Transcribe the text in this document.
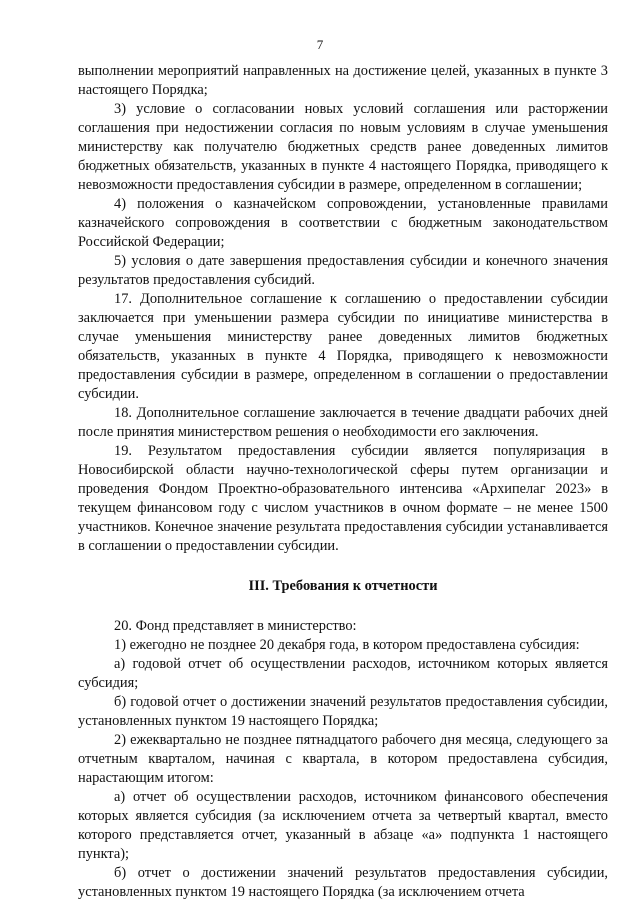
7

выполнении мероприятий направленных на достижение целей, указанных в пункте 3 настоящего Порядка;

3) условие о согласовании новых условий соглашения или расторжении соглашения при недостижении согласия по новым условиям в случае уменьшения министерству как получателю бюджетных средств ранее доведенных лимитов бюджетных обязательств, указанных в пункте 4 настоящего Порядка, приводящего к невозможности предоставления субсидии в размере, определенном в соглашении;

4) положения о казначейском сопровождении, установленные правилами казначейского сопровождения в соответствии с бюджетным законодательством Российской Федерации;

5) условия о дате завершения предоставления субсидии и конечного значения результатов предоставления субсидий.

17. Дополнительное соглашение к соглашению о предоставлении субсидии заключается при уменьшении размера субсидии по инициативе министерства в случае уменьшения министерству ранее доведенных лимитов бюджетных обязательств, указанных в пункте 4 Порядка, приводящего к невозможности предоставления субсидии в размере, определенном в соглашении о предоставлении субсидии.

18. Дополнительное соглашение заключается в течение двадцати рабочих дней после принятия министерством решения о необходимости его заключения.

19. Результатом предоставления субсидии является популяризация в Новосибирской области научно-технологической сферы путем организации и проведения Фондом Проектно-образовательного интенсива «Архипелаг 2023» в текущем финансовом году с числом участников в очном формате – не менее 1500 участников. Конечное значение результата предоставления субсидии устанавливается в соглашении о предоставлении субсидии.

III. Требования к отчетности

20. Фонд представляет в министерство:

1) ежегодно не позднее 20 декабря года, в котором предоставлена субсидия:

а) годовой отчет об осуществлении расходов, источником которых является субсидия;

б) годовой отчет о достижении значений результатов предоставления субсидии, установленных пунктом 19 настоящего Порядка;

2) ежеквартально не позднее пятнадцатого рабочего дня месяца, следующего за отчетным кварталом, начиная с квартала, в котором предоставлена субсидия, нарастающим итогом:

а) отчет об осуществлении расходов, источником финансового обеспечения которых является субсидия (за исключением отчета за четвертый квартал, вместо которого представляется отчет, указанный в абзаце «а» подпункта 1 настоящего пункта);

б) отчет о достижении значений результатов предоставления субсидии, установленных пунктом 19 настоящего Порядка (за исключением отчета
